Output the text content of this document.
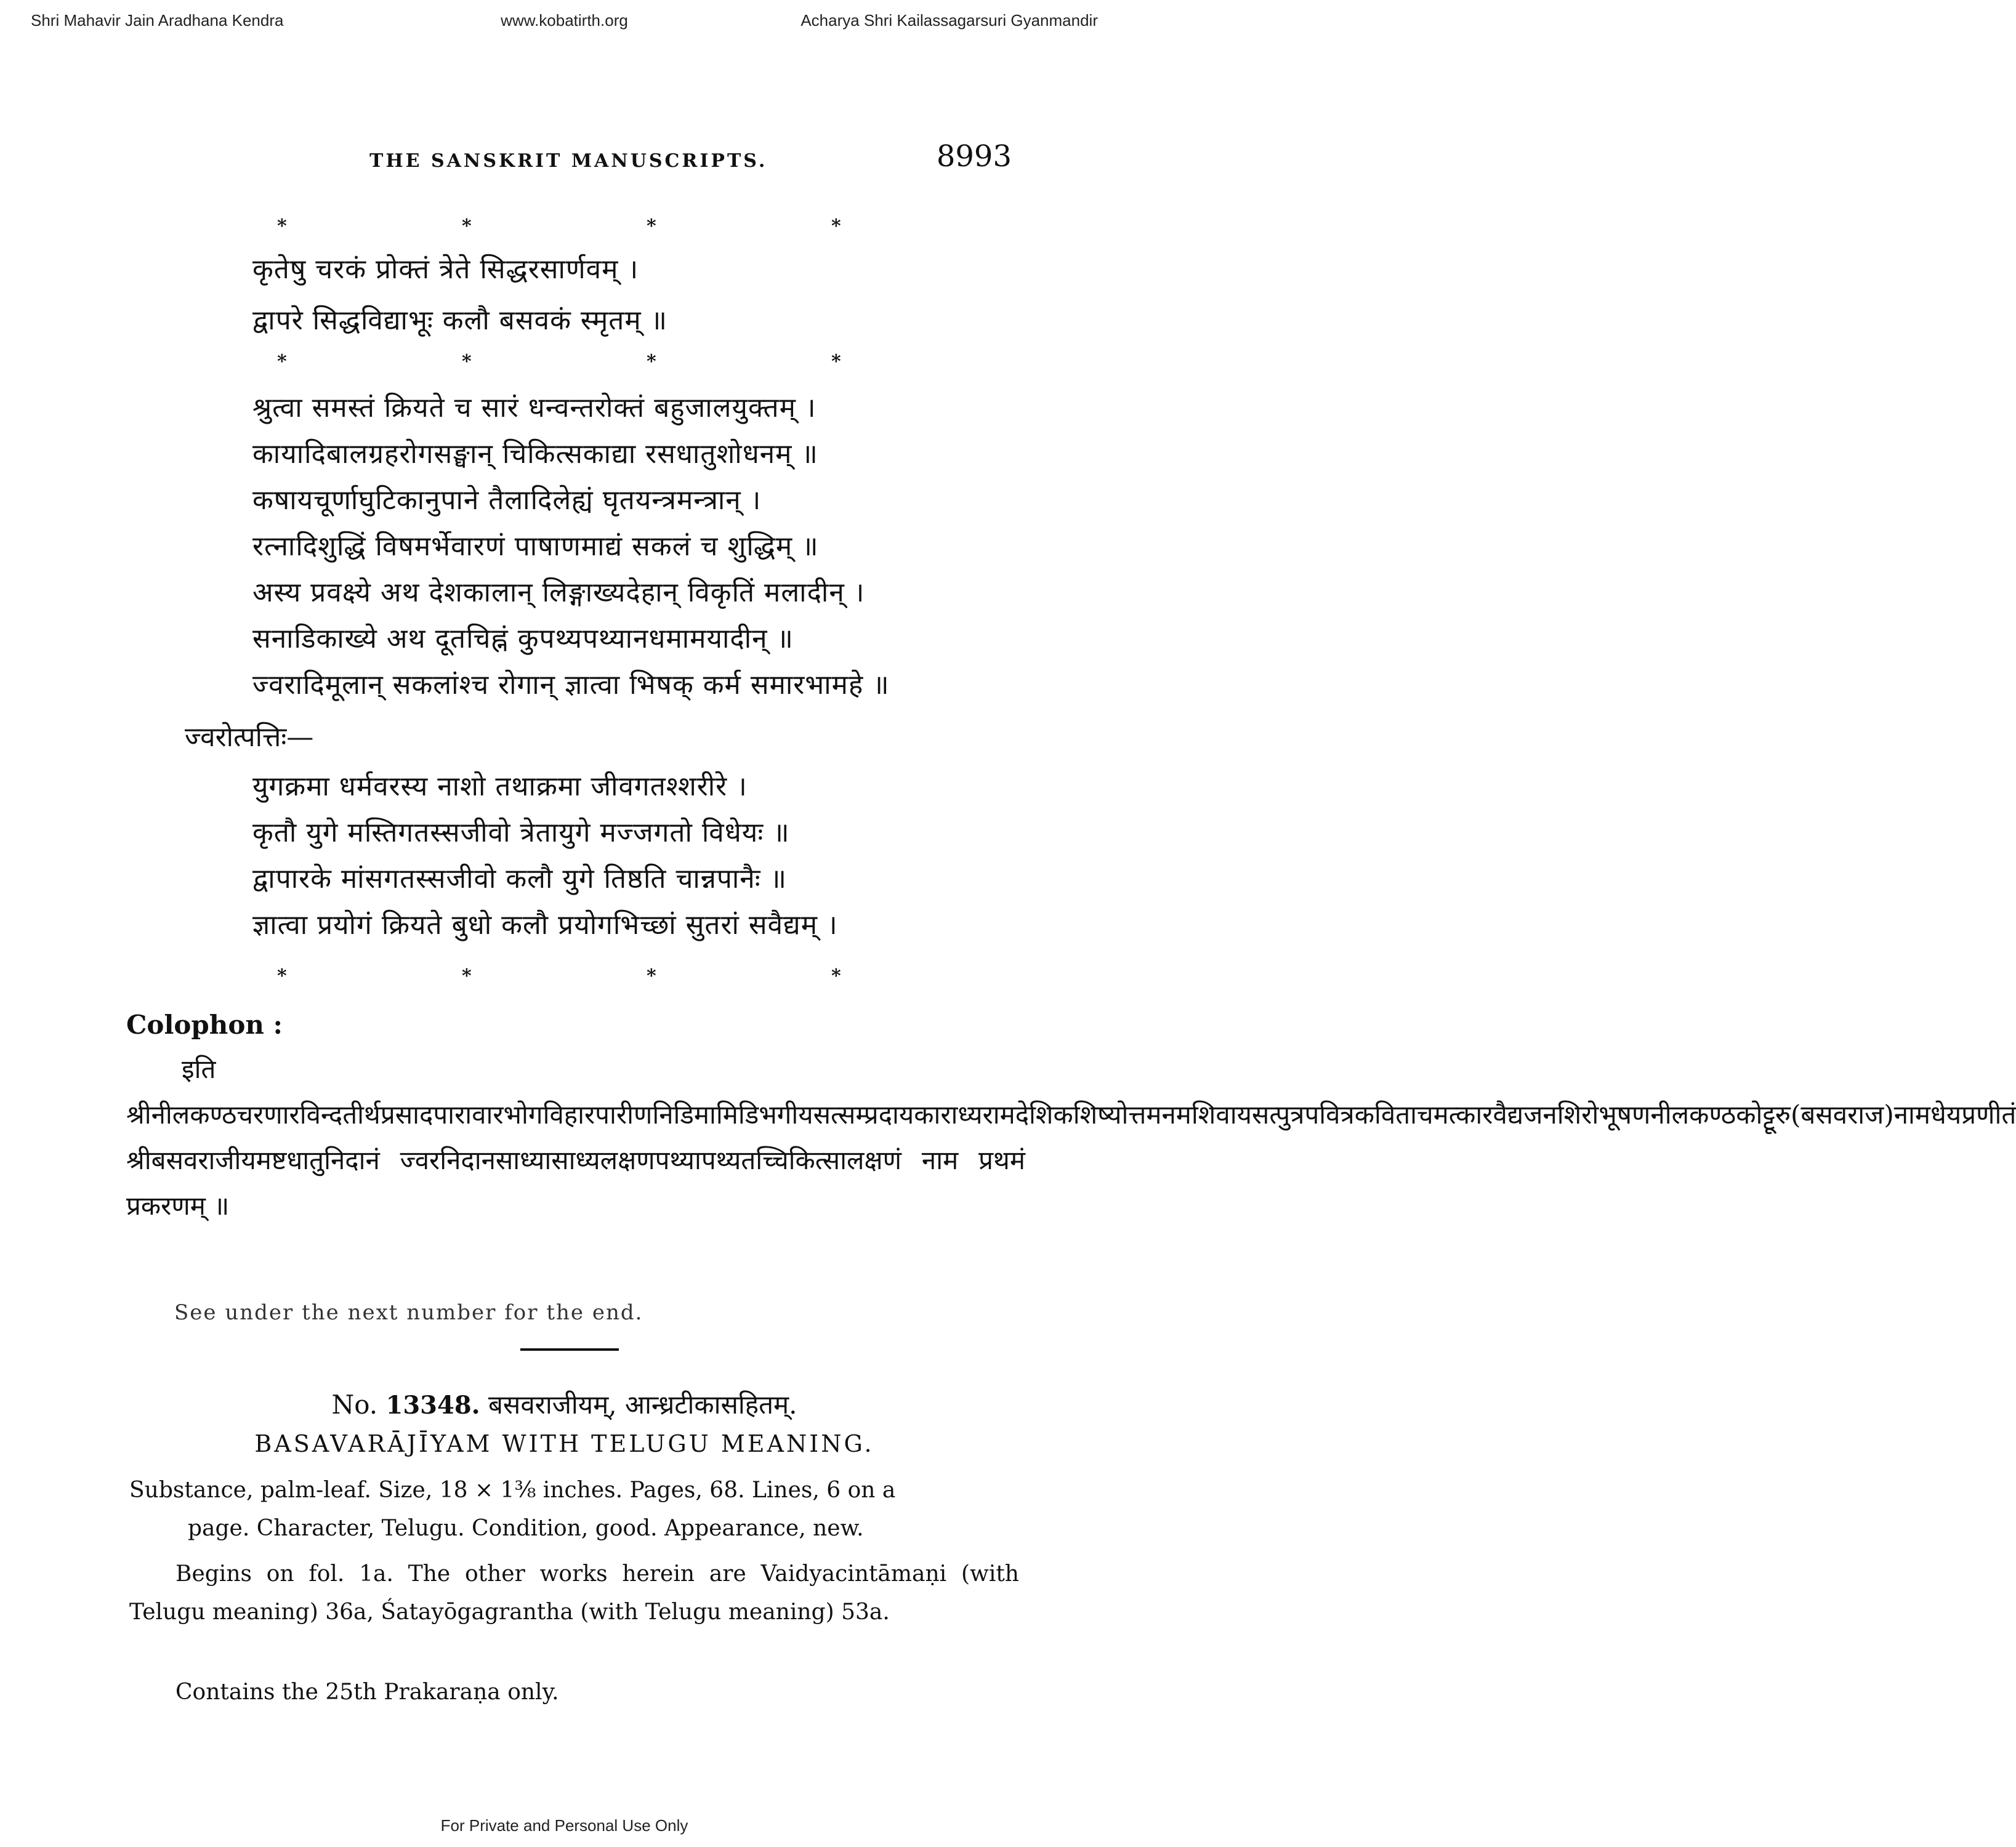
Shri Mahavir Jain Aradhana Kendra	www.kobatirth.org	Acharya Shri Kailassagarsuri Gyanmandir
THE SANSKRIT MANUSCRIPTS.	8993
*	*	*	*
कृतेषु चरकं प्रोक्तं त्रेते सिद्धरसार्णवम् ।
द्वापरे सिद्धविद्याभूः कलौ बसवकं स्मृतम् ॥
*	*	*	*
श्रुत्वा समस्तं क्रियते च सारं धन्वन्तरोक्तं बहुजालयुक्तम् ।
कायादिबालग्रहरोगसङ्घान् चिकित्सकाद्या रसधातुशोधनम् ॥
कषायचूर्णाघुटिकानुपाने तैलादिलेह्यं घृतयन्त्रमन्त्रान् ।
रत्नादिशुद्धिं विषमर्भेवारणं पाषाणमाद्यं सकलं च शुद्धिम् ॥
अस्य प्रवक्ष्ये अथ देशकालान् लिङ्गाख्यदेहान् विकृतिं मलादीन् ।
सनाडिकाख्ये अथ दूतचिह्नं कुपथ्यपथ्यानधमामयादीन् ॥
ज्वरादिमूलान् सकलांश्च रोगान् ज्ञात्वा भिषक् कर्म समारभामहे ॥
ज्वरोत्पत्तिः—
युगक्रमा धर्मवरस्य नाशो तथाक्रमा जीवगतश्शरीरे ।
कृतौ युगे मस्तिगतस्सजीवो त्रेतायुगे मज्जगतो विधेयः ॥
द्वापारके मांसगतस्सजीवो कलौ युगे तिष्ठति चान्नपानैः ॥
ज्ञात्वा प्रयोगं क्रियते बुधो कलौ प्रयोगभिच्छां सुतरां सवैद्यम् ।
*	*	*	*
Colophon :
इति श्रीनीलकण्ठचरणारविन्दतीर्थप्रसादपारावारभोगविहारपारीणनिडिमामिडिभगीयसत्सम्प्रदायकाराध्यरामदेशिकशिष्योत्तमनमशिवायसत्पुत्रपवित्रकविताचमत्कारवैद्यजनशिरोभूषणनीलकण्ठकोट्टूरु(बसवराज)नामधेयप्रणीतं श्रीबसवराजीयमष्टधातुनिदानं ज्वरनिदानसाध्यासाध्यलक्षणपथ्यापथ्यतच्चिकित्सालक्षणं नाम प्रथमं प्रकरणम् ॥
See under the next number for the end.
No. 13348. बसवराजीयम्, आन्ध्रटीकासहितम्.
BASAVARĀJĪYAM WITH TELUGU MEANING.
Substance, palm-leaf. Size, 18 × 1⅜ inches. Pages, 68. Lines, 6 on a
page. Character, Telugu. Condition, good. Appearance, new.
Begins on fol. 1a. The other works herein are Vaidyacintāmaṇi (with Telugu meaning) 36a, Śatayōgagrantha (with Telugu meaning) 53a.
Contains the 25th Prakaraṇa only.
For Private and Personal Use Only
